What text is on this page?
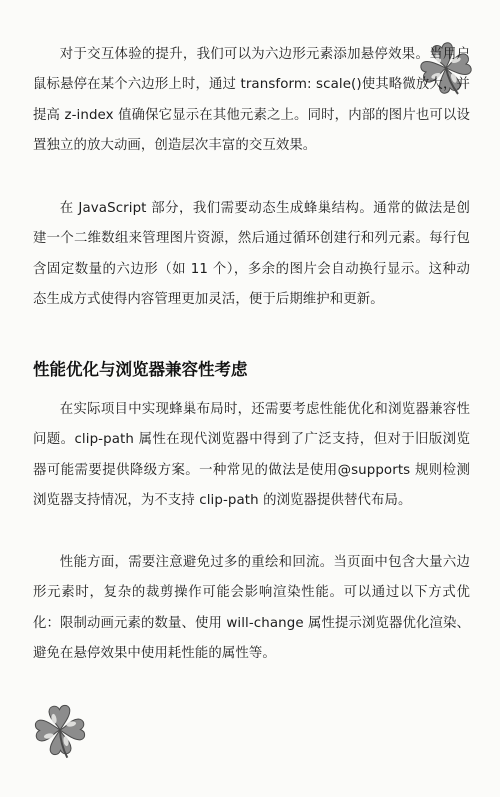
对于交互体验的提升，我们可以为六边形元素添加悬停效果。当用户鼠标悬停在某个六边形上时，通过 transform: scale()使其略微放大，并提高 z-index 值确保它显示在其他元素之上。同时，内部的图片也可以设置独立的放大动画，创造层次丰富的交互效果。

在 JavaScript 部分，我们需要动态生成蜂巢结构。通常的做法是创建一个二维数组来管理图片资源，然后通过循环创建行和列元素。每行包含固定数量的六边形（如 11 个），多余的图片会自动换行显示。这种动态生成方式使得内容管理更加灵活，便于后期维护和更新。

性能优化与浏览器兼容性考虑

在实际项目中实现蜂巢布局时，还需要考虑性能优化和浏览器兼容性问题。clip-path 属性在现代浏览器中得到了广泛支持，但对于旧版浏览器可能需要提供降级方案。一种常见的做法是使用@supports 规则检测浏览器支持情况，为不支持 clip-path 的浏览器提供替代布局。

性能方面，需要注意避免过多的重绘和回流。当页面中包含大量六边形元素时，复杂的裁剪操作可能会影响渲染性能。可以通过以下方式优化：限制动画元素的数量、使用 will-change 属性提示浏览器优化渲染、避免在悬停效果中使用耗性能的属性等。
